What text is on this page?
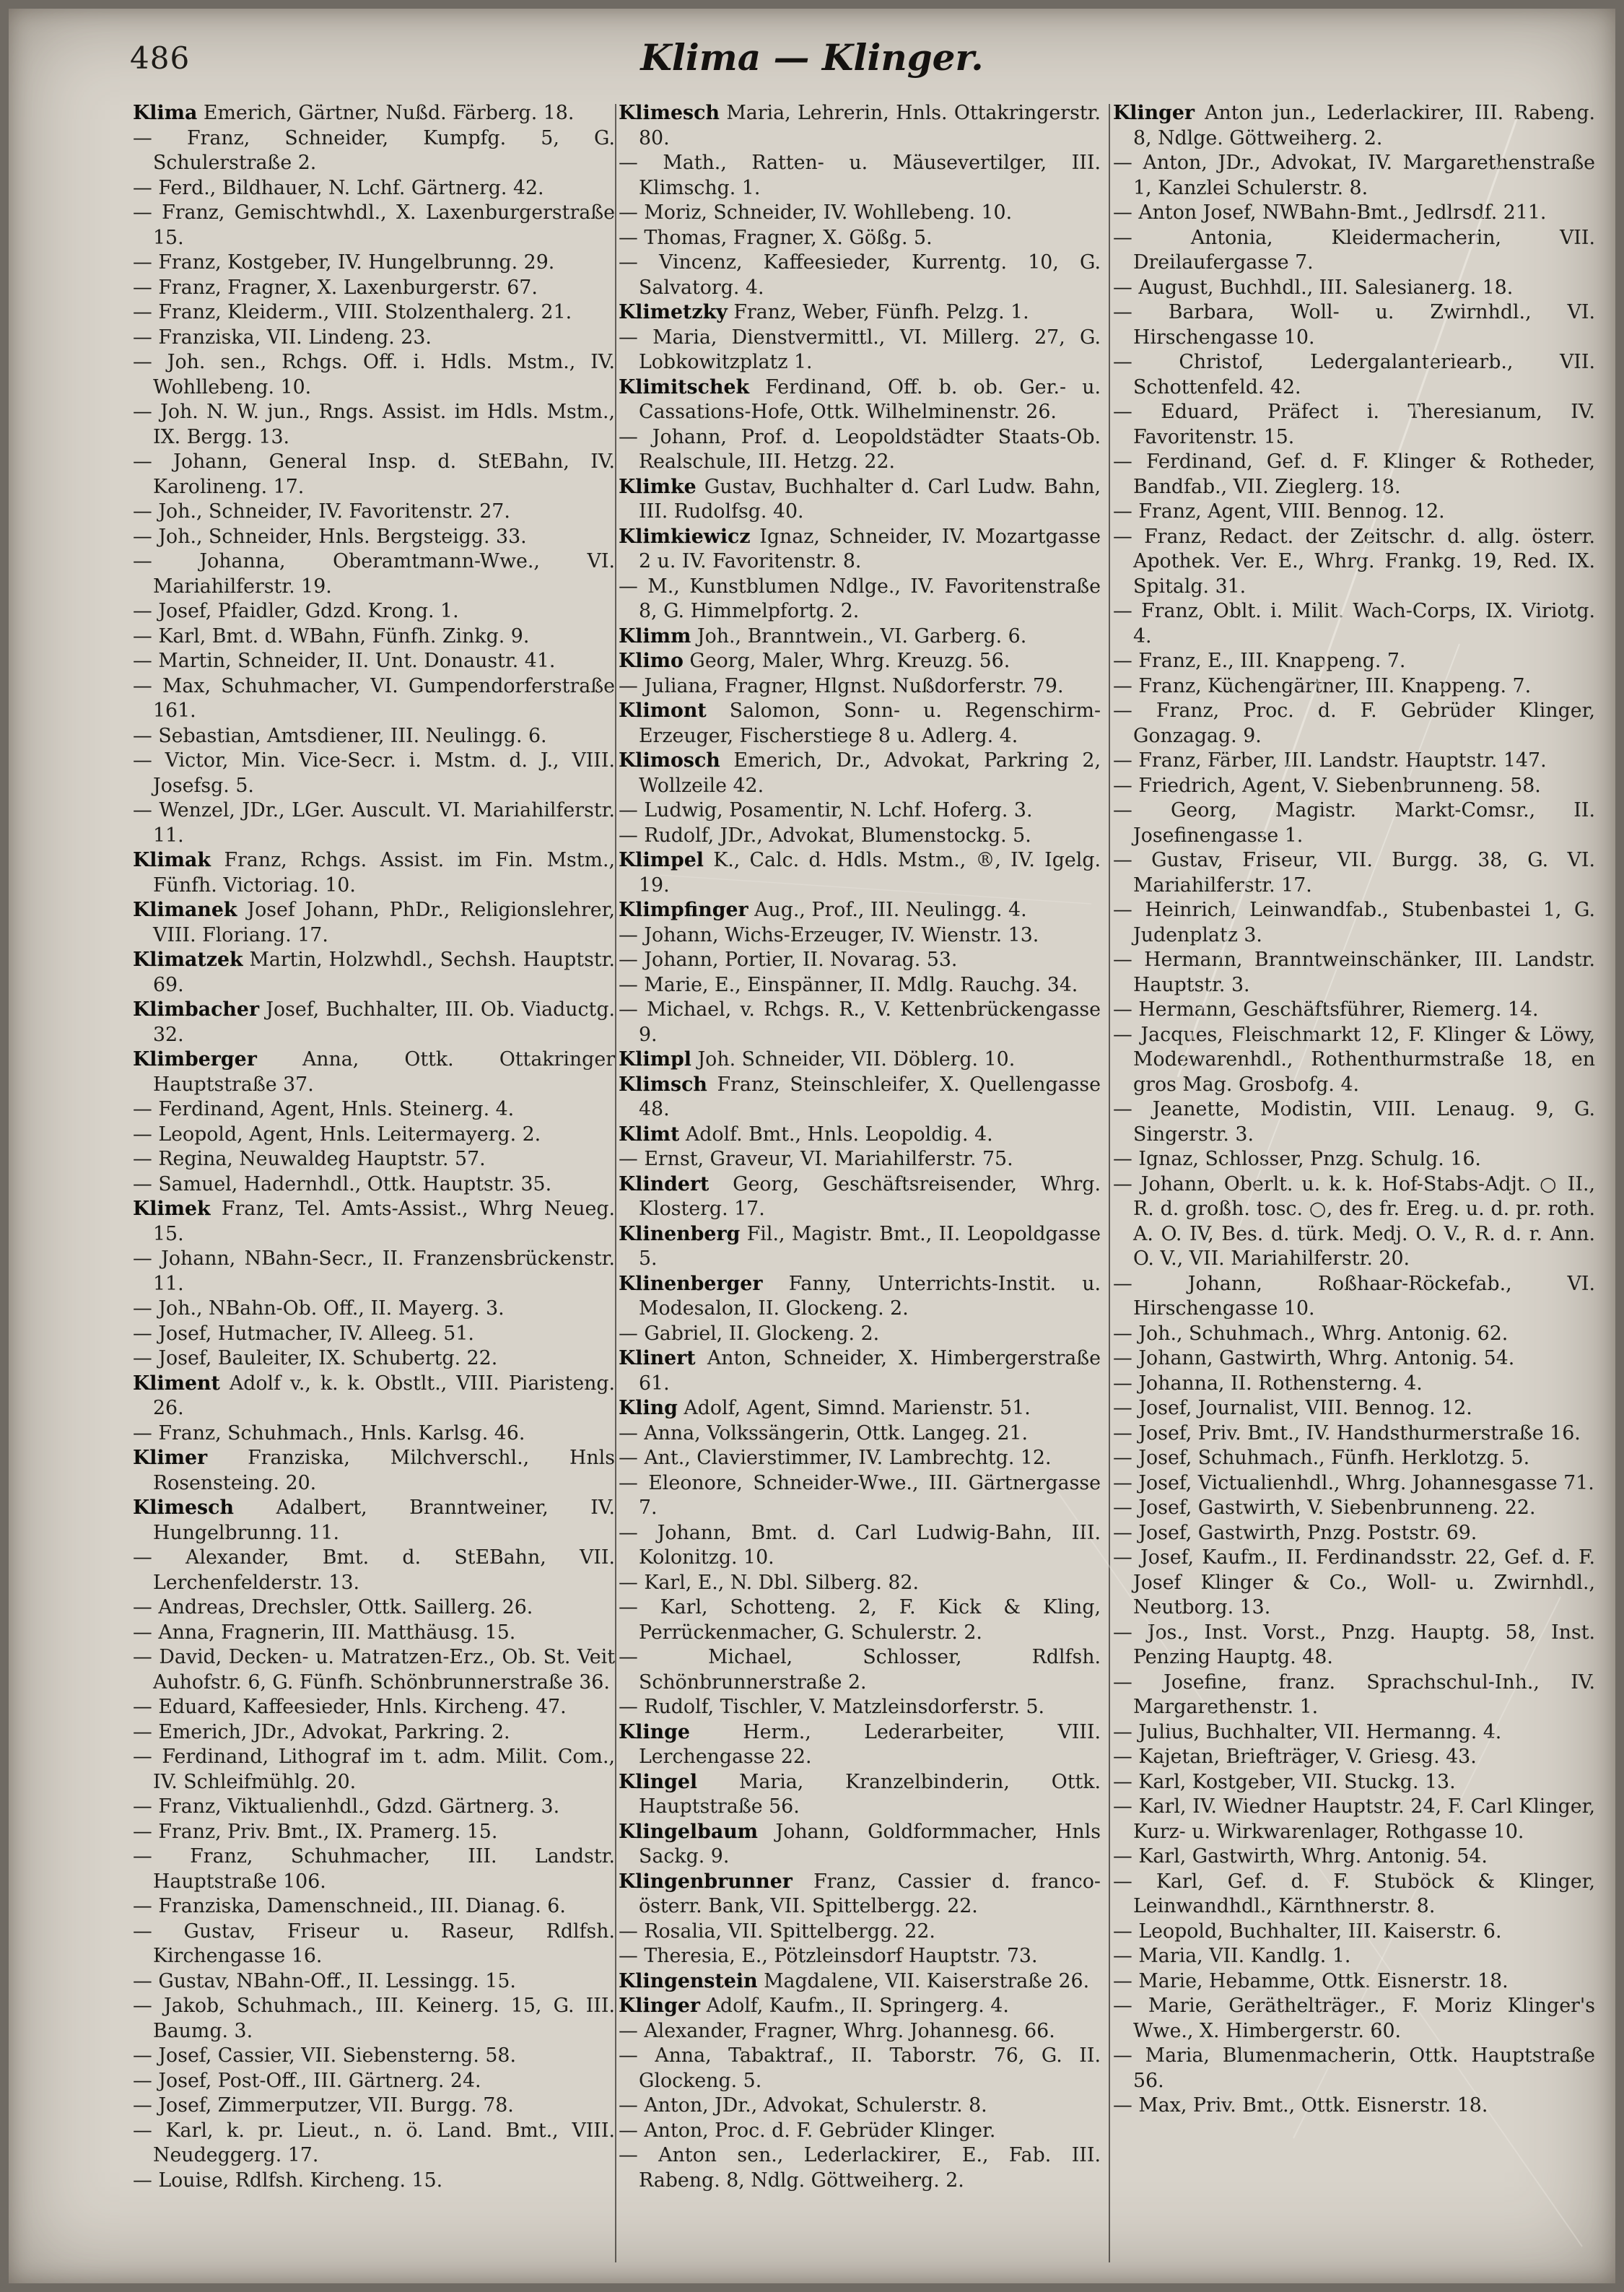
486	Klima — Klinger.

Klima Emerich, Gärtner, Nußd. Färberg. 18.

— Franz, Schneider, Kumpfg. 5, G. Schulerstraße 2.

— Ferd., Bildhauer, N. Lchf. Gärtnerg. 42.

— Franz, Gemischtwhdl., X. Laxenburgerstraße 15.

— Franz, Kostgeber, IV. Hungelbrunng. 29.

— Franz, Fragner, X. Laxenburgerstr. 67.

— Franz, Kleiderm., VIII. Stolzenthalerg. 21.

— Franziska, VII. Lindeng. 23.

— Joh. sen., Rchgs. Off. i. Hdls. Mstm., IV. Wohllebeng. 10.

— Joh. N. W. jun., Rngs. Assist. im Hdls. Mstm., IX. Bergg. 13.

— Johann, General Insp. d. StEBahn, IV. Karolineng. 17.

— Joh., Schneider, IV. Favoritenstr. 27.

— Joh., Schneider, Hnls. Bergsteigg. 33.

— Johanna, Oberamtmann-Wwe., VI. Mariahilferstr. 19.

— Josef, Pfaidler, Gdzd. Krong. 1.

— Karl, Bmt. d. WBahn, Fünfh. Zinkg. 9.

— Martin, Schneider, II. Unt. Donaustr. 41.

— Max, Schuhmacher, VI. Gumpendorferstraße 161.

— Sebastian, Amtsdiener, III. Neulingg. 6.

— Victor, Min. Vice-Secr. i. Mstm. d. J., VIII. Josefsg. 5.

— Wenzel, JDr., LGer. Auscult. VI. Mariahilferstr. 11.

Klimak Franz, Rchgs. Assist. im Fin. Mstm., Fünfh. Victoriag. 10.

Klimanek Josef Johann, PhDr., Religionslehrer, VIII. Floriang. 17.

Klimatzek Martin, Holzwhdl., Sechsh. Hauptstr. 69.

Klimbacher Josef, Buchhalter, III. Ob. Viaductg. 32.

Klimberger Anna, Ottk. Ottakringer Hauptstraße 37.

— Ferdinand, Agent, Hnls. Steinerg. 4.

— Leopold, Agent, Hnls. Leitermayerg. 2.

— Regina, Neuwaldeg Hauptstr. 57.

— Samuel, Hadernhdl., Ottk. Hauptstr. 35.

Klimek Franz, Tel. Amts-Assist., Whrg Neueg. 15.

— Johann, NBahn-Secr., II. Franzensbrückenstr. 11.

— Joh., NBahn-Ob. Off., II. Mayerg. 3.

— Josef, Hutmacher, IV. Alleeg. 51.

— Josef, Bauleiter, IX. Schubertg. 22.

Kliment Adolf v., k. k. Obstlt., VIII. Piaristeng. 26.

— Franz, Schuhmach., Hnls. Karlsg. 46.

Klimer Franziska, Milchverschl., Hnls Rosensteing. 20.

Klimesch Adalbert, Branntweiner, IV. Hungelbrunng. 11.

— Alexander, Bmt. d. StEBahn, VII. Lerchenfelderstr. 13.

— Andreas, Drechsler, Ottk. Saillerg. 26.

— Anna, Fragnerin, III. Matthäusg. 15.

— David, Decken- u. Matratzen-Erz., Ob. St. Veit Auhofstr. 6, G. Fünfh. Schönbrunnerstraße 36.

— Eduard, Kaffeesieder, Hnls. Kircheng. 47.

— Emerich, JDr., Advokat, Parkring. 2.

— Ferdinand, Lithograf im t. adm. Milit. Com., IV. Schleifmühlg. 20.

— Franz, Viktualienhdl., Gdzd. Gärtnerg. 3.

— Franz, Priv. Bmt., IX. Pramerg. 15.

— Franz, Schuhmacher, III. Landstr. Hauptstraße 106.

— Franziska, Damenschneid., III. Dianag. 6.

— Gustav, Friseur u. Raseur, Rdlfsh. Kirchengasse 16.

— Gustav, NBahn-Off., II. Lessingg. 15.

— Jakob, Schuhmach., III. Keinerg. 15, G. III. Baumg. 3.

— Josef, Cassier, VII. Siebensterng. 58.

— Josef, Post-Off., III. Gärtnerg. 24.

— Josef, Zimmerputzer, VII. Burgg. 78.

— Karl, k. pr. Lieut., n. ö. Land. Bmt., VIII. Neudeggerg. 17.

— Louise, Rdlfsh. Kircheng. 15.

Klimesch Maria, Lehrerin, Hnls. Ottakringerstr. 80.

— Math., Ratten- u. Mäusevertilger, III. Klimschg. 1.

— Moriz, Schneider, IV. Wohllebeng. 10.

— Thomas, Fragner, X. Gößg. 5.

— Vincenz, Kaffeesieder, Kurrentg. 10, G. Salvatorg. 4.

Klimetzky Franz, Weber, Fünfh. Pelzg. 1.

— Maria, Dienstvermittl., VI. Millerg. 27, G. Lobkowitzplatz 1.

Klimitschek Ferdinand, Off. b. ob. Ger.- u. Cassations-Hofe, Ottk. Wilhelminenstr. 26.

— Johann, Prof. d. Leopoldstädter Staats-Ob. Realschule, III. Hetzg. 22.

Klimke Gustav, Buchhalter d. Carl Ludw. Bahn, III. Rudolfsg. 40.

Klimkiewicz Ignaz, Schneider, IV. Mozartgasse 2 u. IV. Favoritenstr. 8.

— M., Kunstblumen Ndlge., IV. Favoritenstraße 8, G. Himmelpfortg. 2.

Klimm Joh., Branntwein., VI. Garberg. 6.

Klimo Georg, Maler, Whrg. Kreuzg. 56.

— Juliana, Fragner, Hlgnst. Nußdorferstr. 79.

Klimont Salomon, Sonn- u. Regenschirm-Erzeuger, Fischerstiege 8 u. Adlerg. 4.

Klimosch Emerich, Dr., Advokat, Parkring 2, Wollzeile 42.

— Ludwig, Posamentir, N. Lchf. Hoferg. 3.

— Rudolf, JDr., Advokat, Blumenstockg. 5.

Klimpel K., Calc. d. Hdls. Mstm., ®, IV. Igelg. 19.

Klimpfinger Aug., Prof., III. Neulingg. 4.

— Johann, Wichs-Erzeuger, IV. Wienstr. 13.

— Johann, Portier, II. Novarag. 53.

— Marie, E., Einspänner, II. Mdlg. Rauchg. 34.

— Michael, v. Rchgs. R., V. Kettenbrückengasse 9.

Klimpl Joh. Schneider, VII. Döblerg. 10.

Klimsch Franz, Steinschleifer, X. Quellengasse 48.

Klimt Adolf. Bmt., Hnls. Leopoldig. 4.

— Ernst, Graveur, VI. Mariahilferstr. 75.

Klindert Georg, Geschäftsreisender, Whrg. Klosterg. 17.

Klinenberg Fil., Magistr. Bmt., II. Leopoldgasse 5.

Klinenberger Fanny, Unterrichts-Instit. u. Modesalon, II. Glockeng. 2.

— Gabriel, II. Glockeng. 2.

Klinert Anton, Schneider, X. Himbergerstraße 61.

Kling Adolf, Agent, Simnd. Marienstr. 51.

— Anna, Volkssängerin, Ottk. Langeg. 21.

— Ant., Clavierstimmer, IV. Lambrechtg. 12.

— Eleonore, Schneider-Wwe., III. Gärtnergasse 7.

— Johann, Bmt. d. Carl Ludwig-Bahn, III. Kolonitzg. 10.

— Karl, E., N. Dbl. Silberg. 82.

— Karl, Schotteng. 2, F. Kick & Kling, Perrückenmacher, G. Schulerstr. 2.

— Michael, Schlosser, Rdlfsh. Schönbrunnerstraße 2.

— Rudolf, Tischler, V. Matzleinsdorferstr. 5.

Klinge Herm., Lederarbeiter, VIII. Lerchengasse 22.

Klingel Maria, Kranzelbinderin, Ottk. Hauptstraße 56.

Klingelbaum Johann, Goldformmacher, Hnls Sackg. 9.

Klingenbrunner Franz, Cassier d. franco-österr. Bank, VII. Spittelbergg. 22.

— Rosalia, VII. Spittelbergg. 22.

— Theresia, E., Pötzleinsdorf Hauptstr. 73.

Klingenstein Magdalene, VII. Kaiserstraße 26.

Klinger Adolf, Kaufm., II. Springerg. 4.

— Alexander, Fragner, Whrg. Johannesg. 66.

— Anna, Tabaktraf., II. Taborstr. 76, G. II. Glockeng. 5.

— Anton, JDr., Advokat, Schulerstr. 8.

— Anton, Proc. d. F. Gebrüder Klinger.

— Anton sen., Lederlackirer, E., Fab. III. Rabeng. 8, Ndlg. Göttweiherg. 2.

Klinger Anton jun., Lederlackirer, III. Rabeng. 8, Ndlge. Göttweiherg. 2.

— Anton, JDr., Advokat, IV. Margarethenstraße 1, Kanzlei Schulerstr. 8.

— Anton Josef, NWBahn-Bmt., Jedlrsdf. 211.

— Antonia, Kleidermacherin, VII. Dreilaufergasse 7.

— August, Buchhdl., III. Salesianerg. 18.

— Barbara, Woll- u. Zwirnhdl., VI. Hirschengasse 10.

— Christof, Ledergalanteriearb., VII. Schottenfeld. 42.

— Eduard, Präfect i. Theresianum, IV. Favoritenstr. 15.

— Ferdinand, Gef. d. F. Klinger & Rotheder, Bandfab., VII. Zieglerg. 18.

— Franz, Agent, VIII. Bennog. 12.

— Franz, Redact. der Zeitschr. d. allg. österr. Apothek. Ver. E., Whrg. Frankg. 19, Red. IX. Spitalg. 31.

— Franz, Oblt. i. Milit. Wach-Corps, IX. Viriotg. 4.

— Franz, E., III. Knappeng. 7.

— Franz, Küchengärtner, III. Knappeng. 7.

— Franz, Proc. d. F. Gebrüder Klinger, Gonzagag. 9.

— Franz, Färber, III. Landstr. Hauptstr. 147.

— Friedrich, Agent, V. Siebenbrunneng. 58.

— Georg, Magistr. Markt-Comsr., II. Josefinengasse 1.

— Gustav, Friseur, VII. Burgg. 38, G. VI. Mariahilferstr. 17.

— Heinrich, Leinwandfab., Stubenbastei 1, G. Judenplatz 3.

— Hermann, Branntweinschänker, III. Landstr. Hauptstr. 3.

— Hermann, Geschäftsführer, Riemerg. 14.

— Jacques, Fleischmarkt 12, F. Klinger & Löwy, Modewarenhdl., Rothenthurmstraße 18, en gros Mag. Grosbofg. 4.

— Jeanette, Modistin, VIII. Lenaug. 9, G. Singerstr. 3.

— Ignaz, Schlosser, Pnzg. Schulg. 16.

— Johann, Oberlt. u. k. k. Hof-Stabs-Adjt. ○ II., R. d. großh. tosc. ○, des fr. Ereg. u. d. pr. roth. A. O. IV, Bes. d. türk. Medj. O. V., R. d. r. Ann. O. V., VII. Mariahilferstr. 20.

— Johann, Roßhaar-Röckefab., VI. Hirschengasse 10.

— Joh., Schuhmach., Whrg. Antonig. 62.

— Johann, Gastwirth, Whrg. Antonig. 54.

— Johanna, II. Rothensterng. 4.

— Josef, Journalist, VIII. Bennog. 12.

— Josef, Priv. Bmt., IV. Handsthurmerstraße 16.

— Josef, Schuhmach., Fünfh. Herklotzg. 5.

— Josef, Victualienhdl., Whrg. Johannesgasse 71.

— Josef, Gastwirth, V. Siebenbrunneng. 22.

— Josef, Gastwirth, Pnzg. Poststr. 69.

— Josef, Kaufm., II. Ferdinandsstr. 22, Gef. d. F. Josef Klinger & Co., Woll- u. Zwirnhdl., Neutborg. 13.

— Jos., Inst. Vorst., Pnzg. Hauptg. 58, Inst. Penzing Hauptg. 48.

— Josefine, franz. Sprachschul-Inh., IV. Margarethenstr. 1.

— Julius, Buchhalter, VII. Hermanng. 4.

— Kajetan, Briefträger, V. Griesg. 43.

— Karl, Kostgeber, VII. Stuckg. 13.

— Karl, IV. Wiedner Hauptstr. 24, F. Carl Klinger, Kurz- u. Wirkwarenlager, Rothgasse 10.

— Karl, Gastwirth, Whrg. Antonig. 54.

— Karl, Gef. d. F. Stuböck & Klinger, Leinwandhdl., Kärnthnerstr. 8.

— Leopold, Buchhalter, III. Kaiserstr. 6.

— Maria, VII. Kandlg. 1.

— Marie, Hebamme, Ottk. Eisnerstr. 18.

— Marie, Geräthelträger., F. Moriz Klinger's Wwe., X. Himbergerstr. 60.

— Maria, Blumenmacherin, Ottk. Hauptstraße 56.

— Max, Priv. Bmt., Ottk. Eisnerstr. 18.
